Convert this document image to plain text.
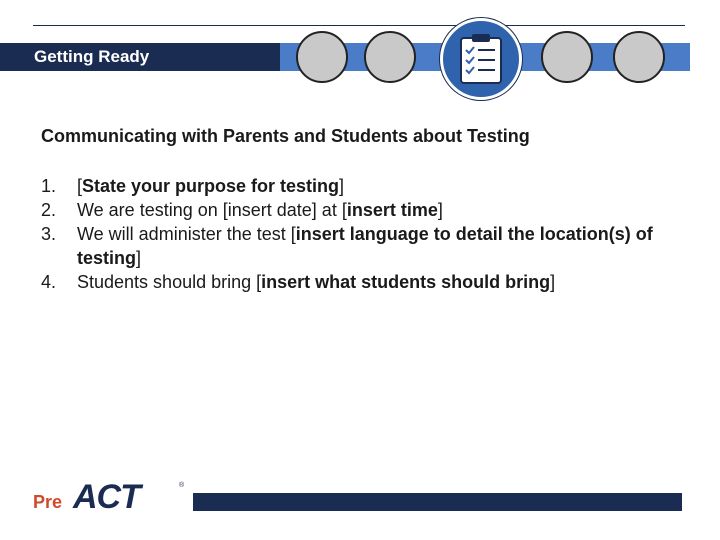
Getting Ready
Communicating with Parents and Students about Testing
1. [State your purpose for testing]
2. We are testing on [insert date] at [insert time]
3. We will administer the test [insert language to detail the location(s) of testing]
4. Students should bring [insert what students should bring]
Pre ACT	®
